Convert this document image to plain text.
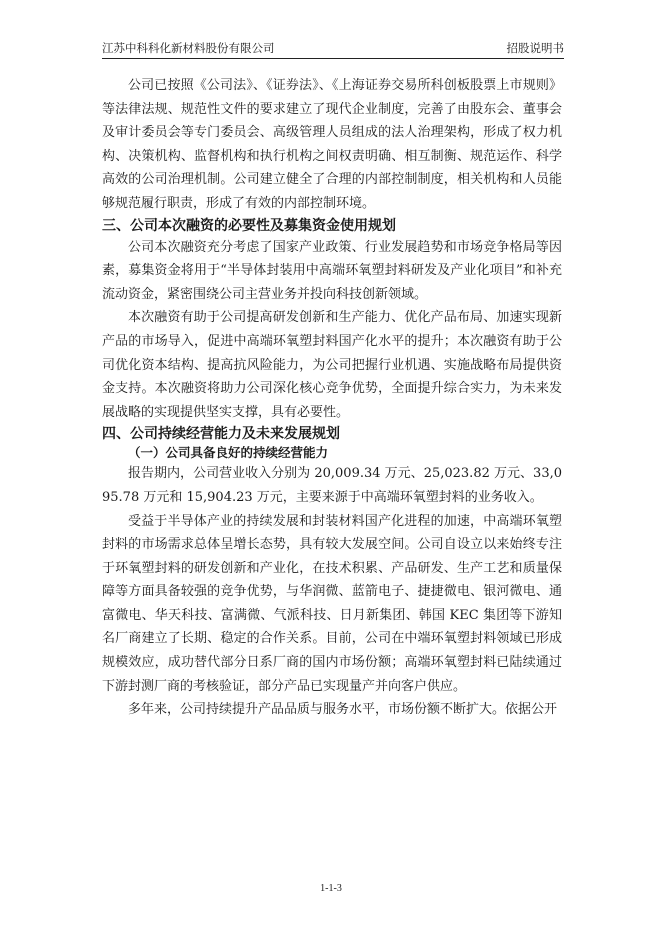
江苏中科科化新材料股份有限公司	招股说明书

公司已按照《公司法》、《证券法》、《上海证券交易所科创板股票上市规则》等法律法规、规范性文件的要求建立了现代企业制度，完善了由股东会、董事会及审计委员会等专门委员会、高级管理人员组成的法人治理架构，形成了权力机构、决策机构、监督机构和执行机构之间权责明确、相互制衡、规范运作、科学高效的公司治理机制。公司建立健全了合理的内部控制制度，相关机构和人员能够规范履行职责，形成了有效的内部控制环境。

三、公司本次融资的必要性及募集资金使用规划

公司本次融资充分考虑了国家产业政策、行业发展趋势和市场竞争格局等因素，募集资金将用于“半导体封装用中高端环氧塑封料研发及产业化项目”和补充流动资金，紧密围绕公司主营业务并投向科技创新领域。

本次融资有助于公司提高研发创新和生产能力、优化产品布局、加速实现新产品的市场导入，促进中高端环氧塑封料国产化水平的提升；本次融资有助于公司优化资本结构、提高抗风险能力，为公司把握行业机遇、实施战略布局提供资金支持。本次融资将助力公司深化核心竞争优势，全面提升综合实力，为未来发展战略的实现提供坚实支撑，具有必要性。

四、公司持续经营能力及未来发展规划
（一）公司具备良好的持续经营能力

报告期内，公司营业收入分别为 20,009.34 万元、25,023.82 万元、33,095.78 万元和 15,904.23 万元，主要来源于中高端环氧塑封料的业务收入。

受益于半导体产业的持续发展和封装材料国产化进程的加速，中高端环氧塑封料的市场需求总体呈增长态势，具有较大发展空间。公司自设立以来始终专注于环氧塑封料的研发创新和产业化，在技术积累、产品研发、生产工艺和质量保障等方面具备较强的竞争优势，与华润微、蓝箭电子、捷捷微电、银河微电、通富微电、华天科技、富满微、气派科技、日月新集团、韩国 KEC 集团等下游知名厂商建立了长期、稳定的合作关系。目前，公司在中端环氧塑封料领域已形成规模效应，成功替代部分日系厂商的国内市场份额；高端环氧塑封料已陆续通过下游封测厂商的考核验证，部分产品已实现量产并向客户供应。

多年来，公司持续提升产品品质与服务水平，市场份额不断扩大。依据公开

1-1-3
